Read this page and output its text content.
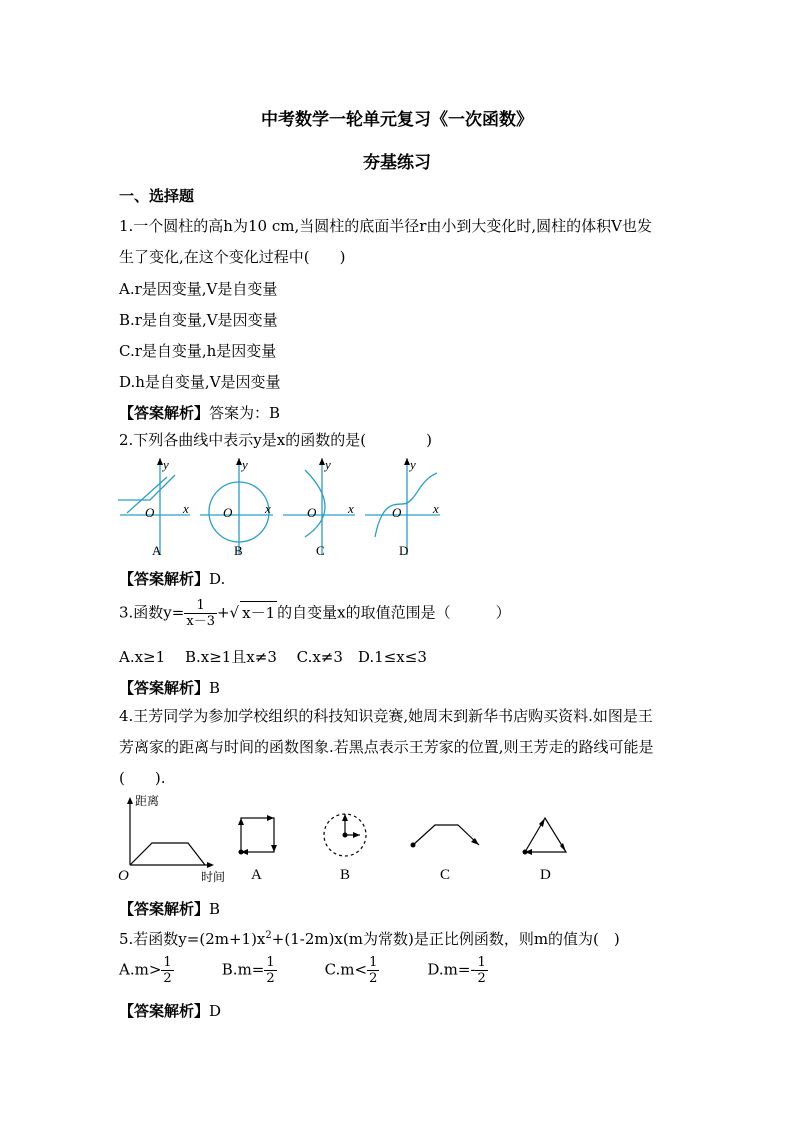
中考数学一轮单元复习《一次函数》
夯基练习
一、选择题
1.一个圆柱的高h为10 cm,当圆柱的底面半径r由小到大变化时,圆柱的体积V也发
生了变化,在这个变化过程中(　　)
A.r是因变量,V是自变量
B.r是自变量,V是因变量
C.r是自变量,h是因变量
D.h是自变量,V是因变量
【答案解析】答案为：B
2.下列各曲线中表示y是x的函数的是(　　　　)
y
x
O
y
x
O
y
x
O
y
x
O
A	B	C	D
【答案解析】D.
3.函数$y= \frac{1}{x-3}$ +√ x－1 的自变量x的取值范围是（　　　）
A.x≥1　 B.x≥1且x≠3　 C.x≠3　D.1≤x≤3
【答案解析】B
4.王芳同学为参加学校组织的科技知识竞赛,她周末到新华书店购买资料.如图是王
芳离家的距离与时间的函数图象.若黑点表示王芳家的位置,则王芳走的路线可能是
(　　).
距离
时间
O	A	B	C	D
【答案解析】B
5.若函数$y=(2m+1)x^2+(1-2m)x(m$为常数)是正比例函数，则m的值为(　)
$A.m> \frac{1}{2}$	$B.m= \frac{1}{2}$	$C.m< \frac{1}{2}$	$D.m=- \frac{1}{2}$
【答案解析】D
